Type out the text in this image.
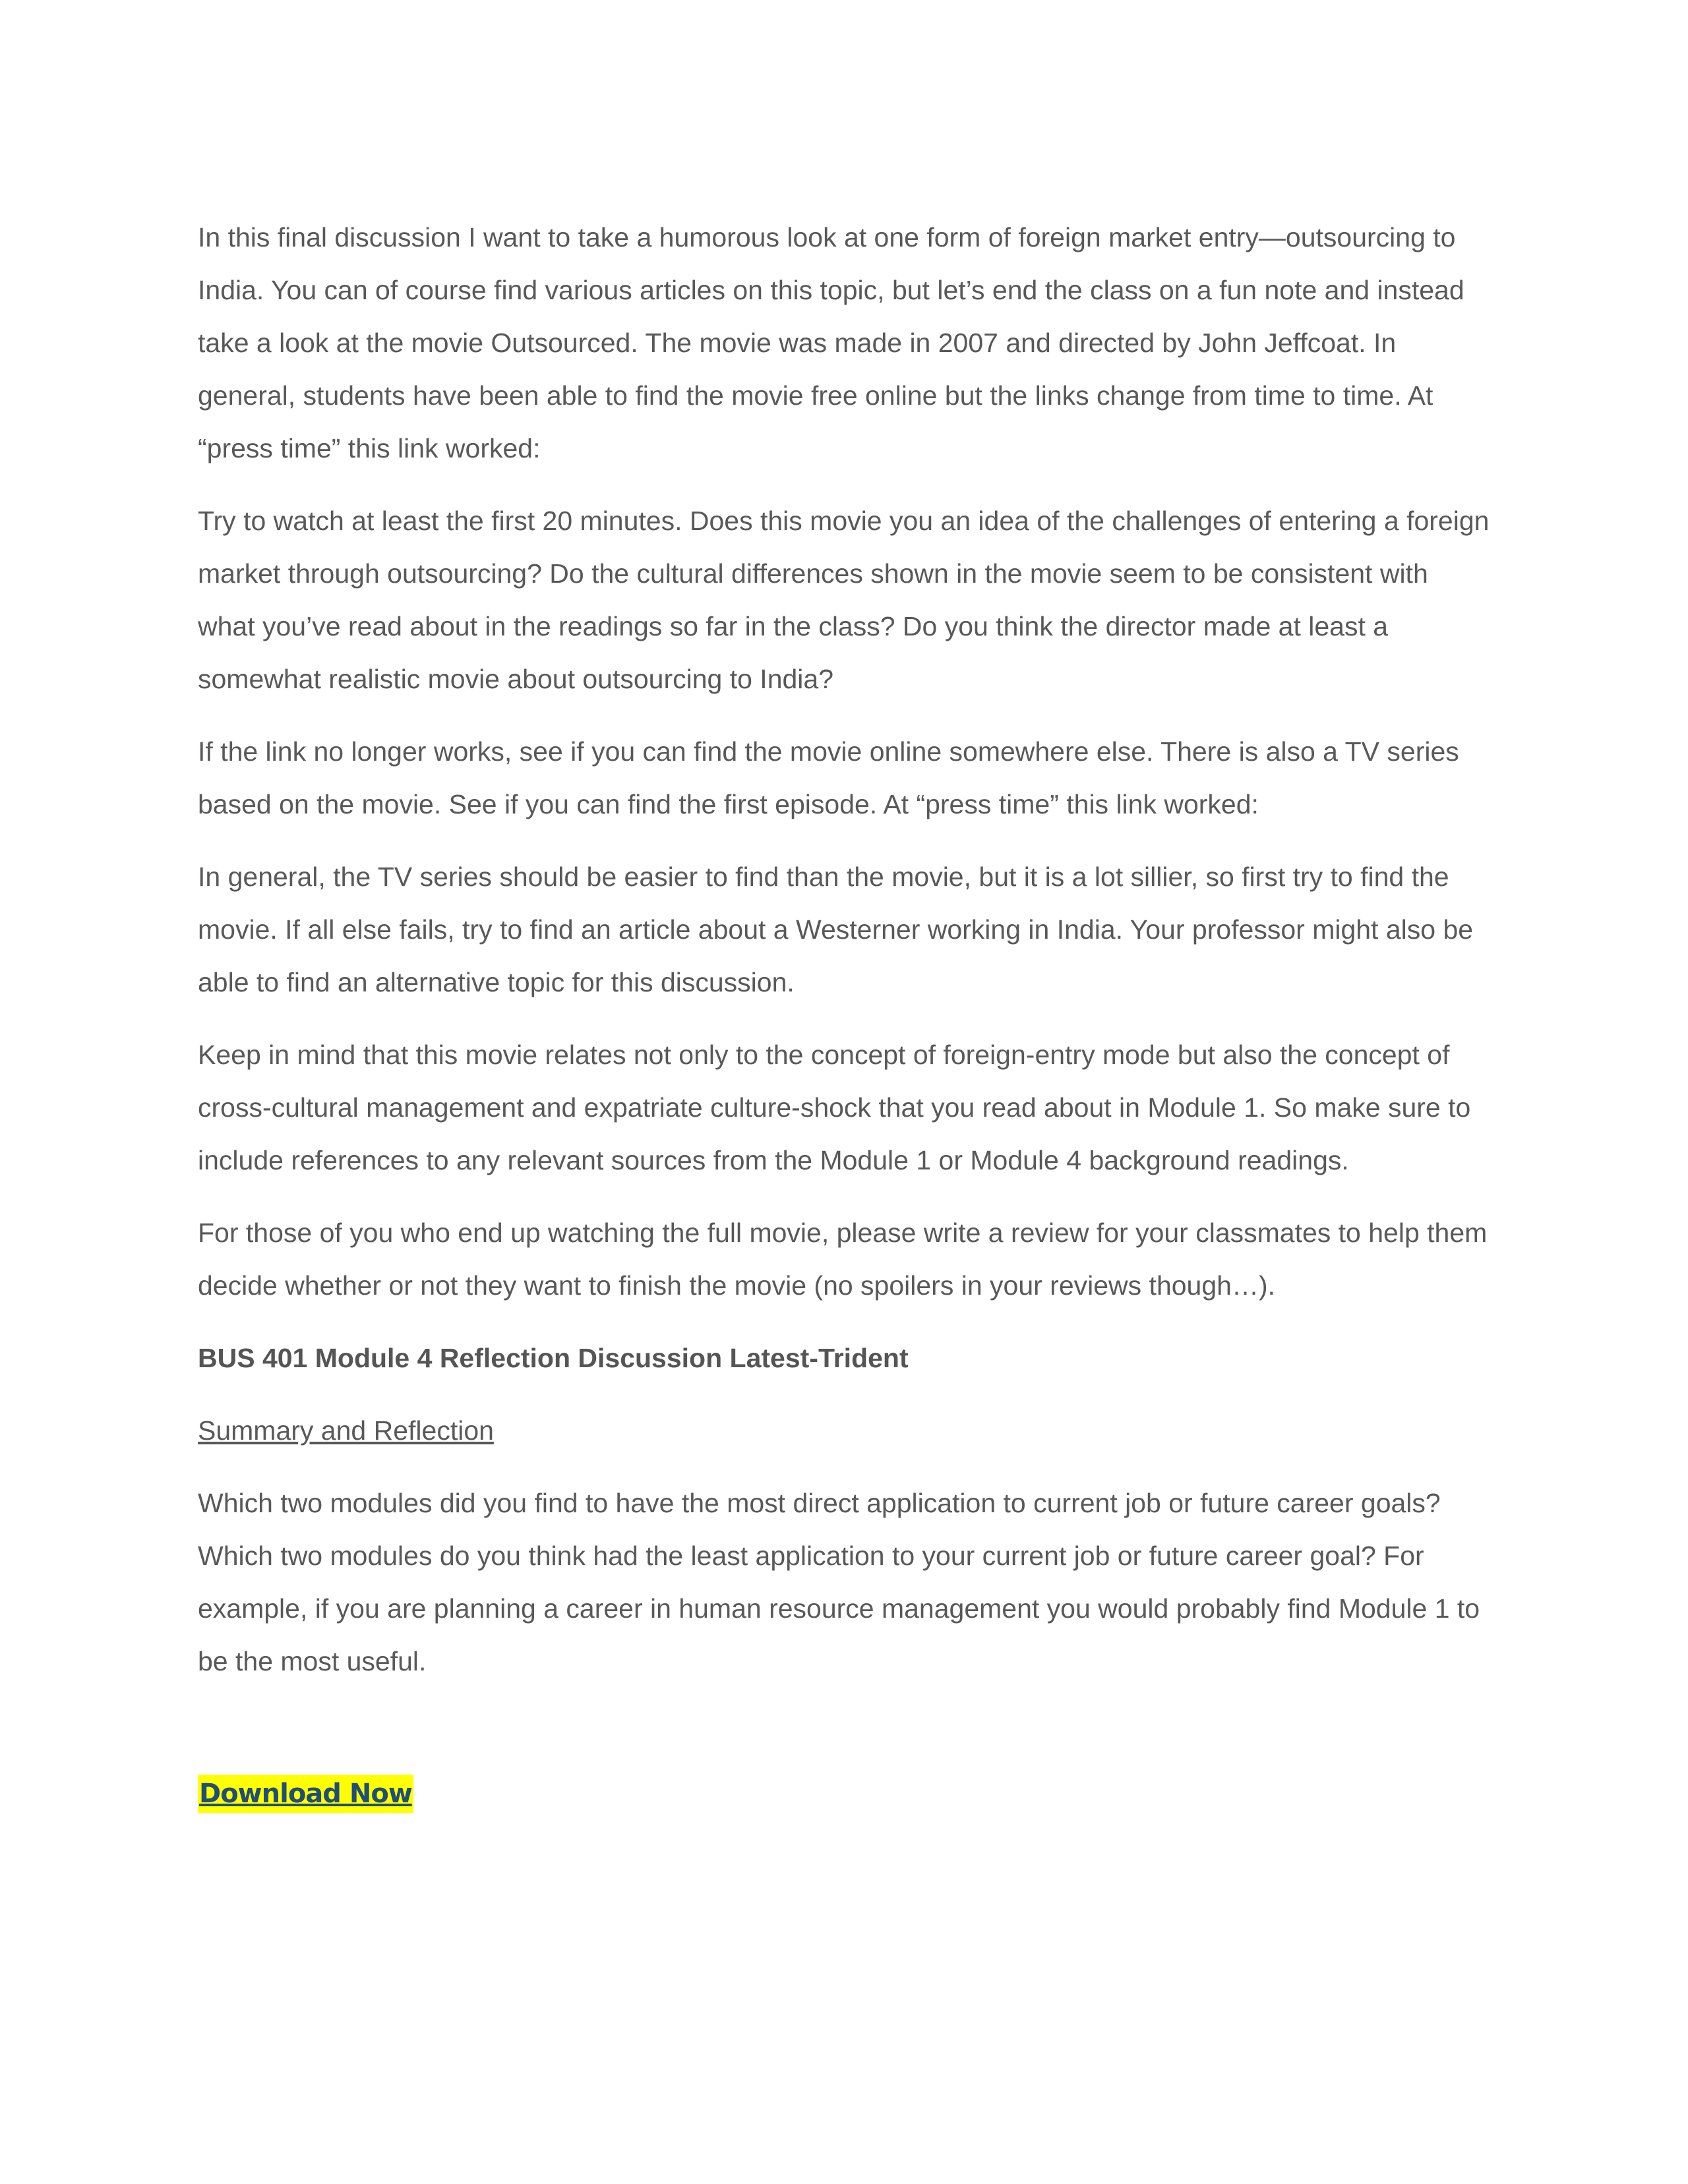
In this final discussion I want to take a humorous look at one form of foreign market entry—outsourcing to India. You can of course find various articles on this topic, but let’s end the class on a fun note and instead take a look at the movie Outsourced. The movie was made in 2007 and directed by John Jeffcoat. In general, students have been able to find the movie free online but the links change from time to time. At “press time” this link worked:

Try to watch at least the first 20 minutes. Does this movie you an idea of the challenges of entering a foreign market through outsourcing? Do the cultural differences shown in the movie seem to be consistent with what you’ve read about in the readings so far in the class? Do you think the director made at least a somewhat realistic movie about outsourcing to India?

If the link no longer works, see if you can find the movie online somewhere else. There is also a TV series based on the movie. See if you can find the first episode. At “press time” this link worked:

In general, the TV series should be easier to find than the movie, but it is a lot sillier, so first try to find the movie. If all else fails, try to find an article about a Westerner working in India. Your professor might also be able to find an alternative topic for this discussion.

Keep in mind that this movie relates not only to the concept of foreign-entry mode but also the concept of cross-cultural management and expatriate culture-shock that you read about in Module 1. So make sure to include references to any relevant sources from the Module 1 or Module 4 background readings.

For those of you who end up watching the full movie, please write a review for your classmates to help them decide whether or not they want to finish the movie (no spoilers in your reviews though…).

BUS 401 Module 4 Reflection Discussion Latest-Trident

Summary and Reflection

Which two modules did you find to have the most direct application to current job or future career goals? Which two modules do you think had the least application to your current job or future career goal? For example, if you are planning a career in human resource management you would probably find Module 1 to be the most useful.

Download Now
